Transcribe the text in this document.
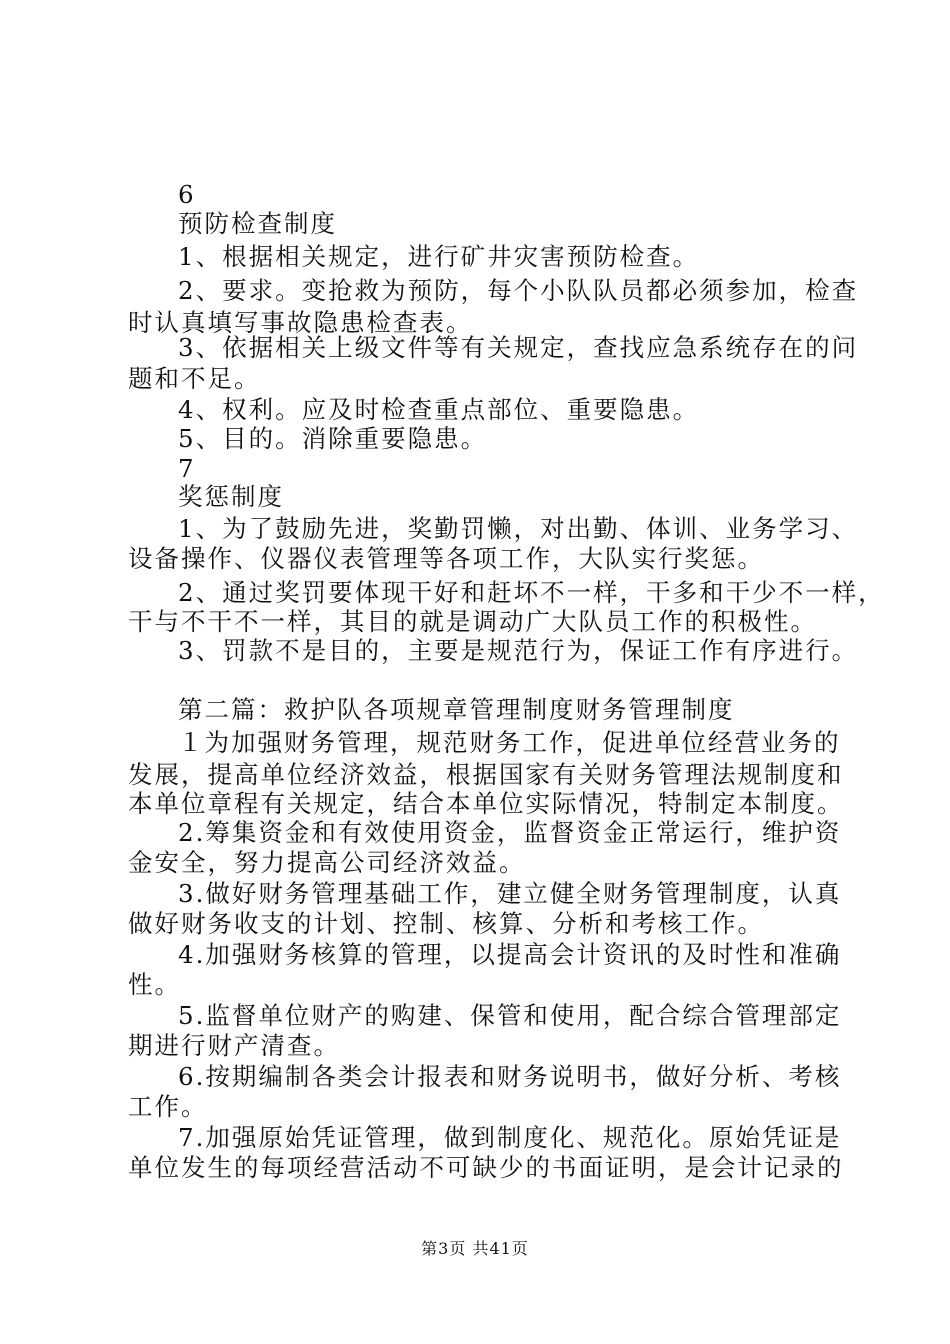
6
预防检查制度
1、根据相关规定，进行矿井灾害预防检查。
2、要求。变抢救为预防，每个小队队员都必须参加，检查
时认真填写事故隐患检查表。
3、依据相关上级文件等有关规定，查找应急系统存在的问
题和不足。
4、权利。应及时检查重点部位、重要隐患。
5、目的。消除重要隐患。
7
奖惩制度
1、为了鼓励先进，奖勤罚懒，对出勤、体训、业务学习、
设备操作、仪器仪表管理等各项工作，大队实行奖惩。
2、通过奖罚要体现干好和赶坏不一样，干多和干少不一样，
干与不干不一样，其目的就是调动广大队员工作的积极性。
3、罚款不是目的，主要是规范行为，保证工作有序进行。
第二篇：救护队各项规章管理制度财务管理制度
１为加强财务管理，规范财务工作，促进单位经营业务的
发展，提高单位经济效益，根据国家有关财务管理法规制度和
本单位章程有关规定，结合本单位实际情况，特制定本制度。
2.筹集资金和有效使用资金，监督资金正常运行，维护资
金安全，努力提高公司经济效益。
3.做好财务管理基础工作，建立健全财务管理制度，认真
做好财务收支的计划、控制、核算、分析和考核工作。
4.加强财务核算的管理，以提高会计资讯的及时性和准确
性。
5.监督单位财产的购建、保管和使用，配合综合管理部定
期进行财产清查。
6.按期编制各类会计报表和财务说明书，做好分析、考核
工作。
7.加强原始凭证管理，做到制度化、规范化。原始凭证是
单位发生的每项经营活动不可缺少的书面证明，是会计记录的
第3页 共41页
